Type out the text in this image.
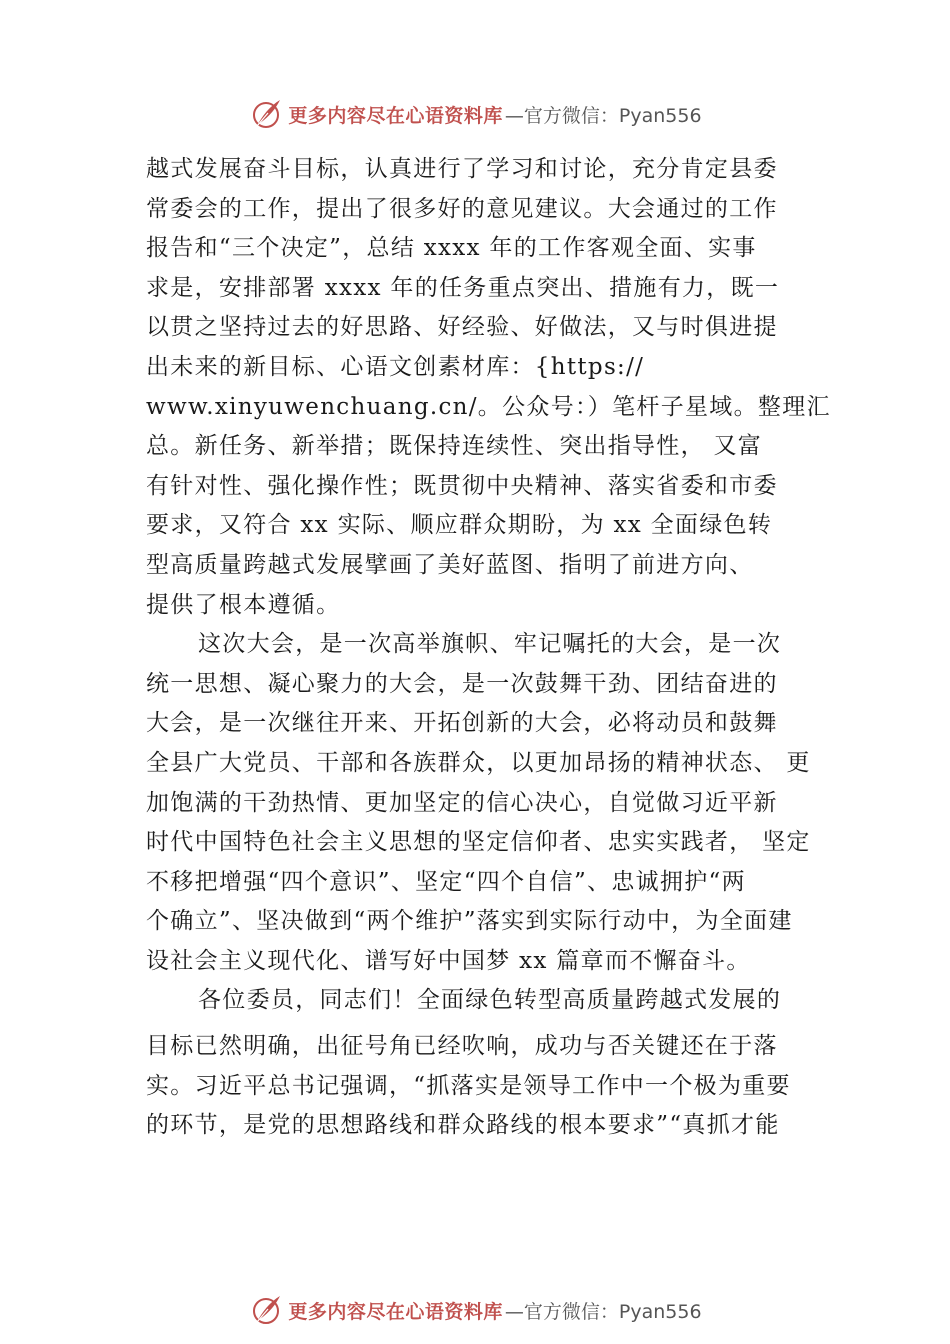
更多内容尽在心语资料库 —官方微信：Pyan556
越式发展奋斗目标，认真进行了学习和讨论，充分肯定县委
常委会的工作，提出了很多好的意见建议。大会通过的工作
报告和“三个决定”，总结 xxxx 年的工作客观全面、实事
求是，安排部署 xxxx 年的任务重点突出、措施有力，既一
以贯之坚持过去的好思路、好经验、好做法，又与时俱进提
出未来的新目标、心语文创素材库：{https://
www.xinyuwenchuang.cn/。公众号：）笔杆子星域。整理汇
总。新任务、新举措；既保持连续性、突出指导性， 又富
有针对性、强化操作性；既贯彻中央精神、落实省委和市委
要求，又符合 xx 实际、顺应群众期盼，为 xx 全面绿色转
型高质量跨越式发展擘画了美好蓝图、指明了前进方向、
提供了根本遵循。
这次大会，是一次高举旗帜、牢记嘱托的大会，是一次
统一思想、凝心聚力的大会，是一次鼓舞干劲、团结奋进的
大会，是一次继往开来、开拓创新的大会，必将动员和鼓舞
全县广大党员、干部和各族群众，以更加昂扬的精神状态、 更
加饱满的干劲热情、更加坚定的信心决心，自觉做习近平新
时代中国特色社会主义思想的坚定信仰者、忠实实践者， 坚定
不移把增强“四个意识”、坚定“四个自信”、忠诚拥护“两
个确立”、坚决做到“两个维护”落实到实际行动中，为全面建
设社会主义现代化、谱写好中国梦 xx 篇章而不懈奋斗。
各位委员，同志们！全面绿色转型高质量跨越式发展的
目标已然明确，出征号角已经吹响，成功与否关键还在于落
实。习近平总书记强调，“抓落实是领导工作中一个极为重要
的环节，是党的思想路线和群众路线的根本要求”“真抓才能
更多内容尽在心语资料库 —官方微信：Pyan556
